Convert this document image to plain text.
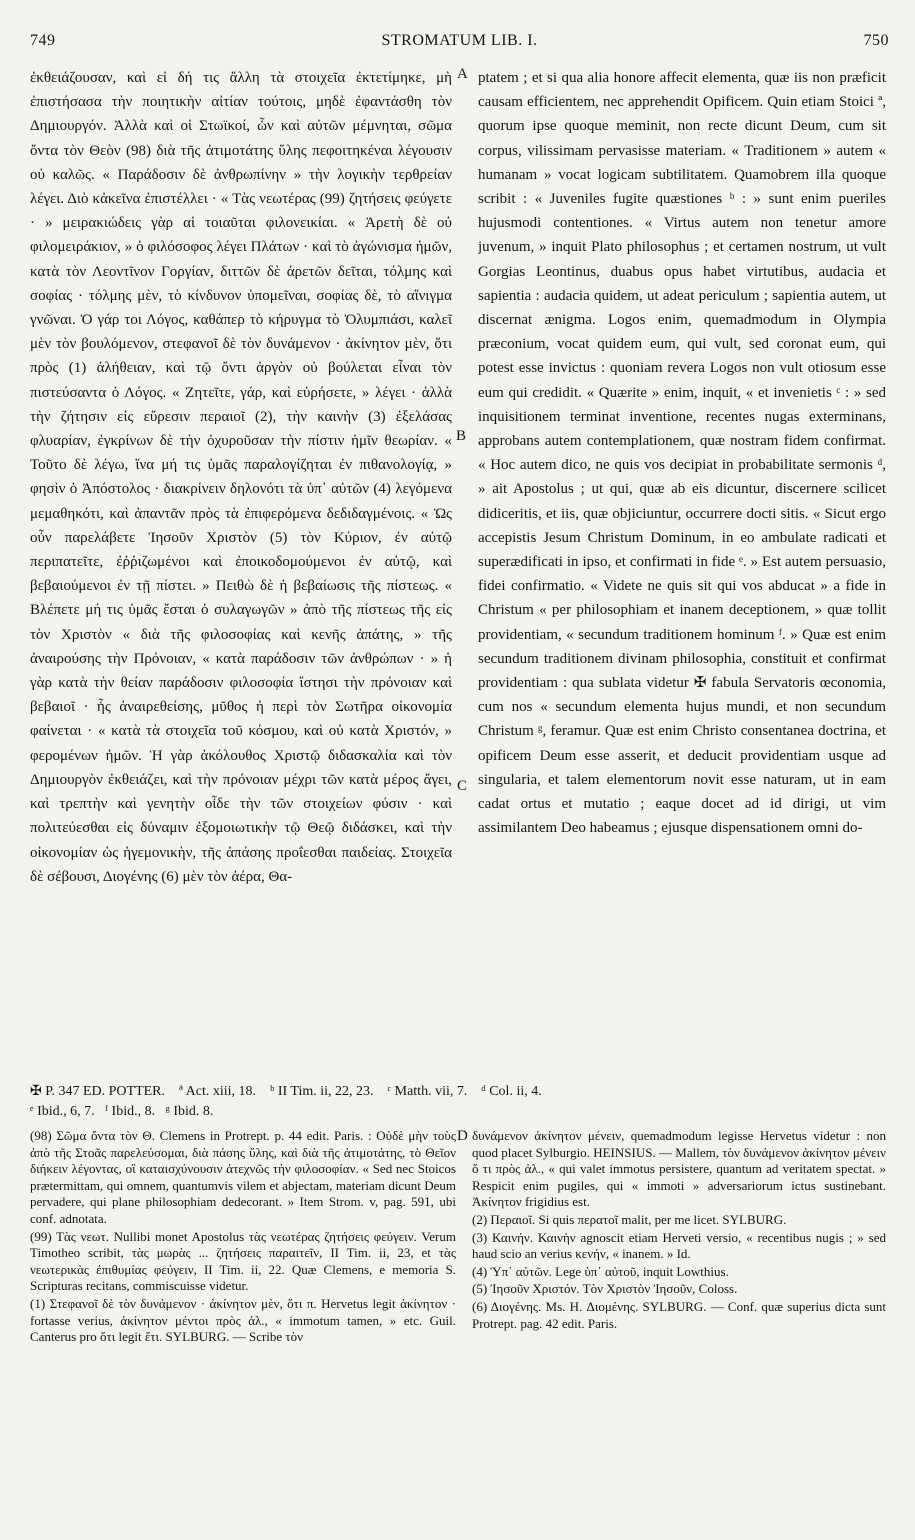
749	STROMATUM LIB. I.	750

ἐκθειάζουσαν, καὶ εἰ δή τις ἄλλη τὰ στοιχεῖα ἐκτετίμηκε, μὴ ἐπιστήσασα τὴν ποιητικὴν αἰτίαν τούτοις, μηδὲ ἐφαντάσθη τὸν Δημιουργόν. Ἀλλὰ καὶ οἱ Στωϊκοί, ὧν καὶ αὐτῶν μέμνηται, σῶμα ὄντα τὸν Θεὸν (98) διὰ τῆς ἀτιμοτάτης ὕλης πεφοιτηκέναι λέγουσιν οὐ καλῶς. « Παράδοσιν δὲ ἀνθρωπίνην » τὴν λογικὴν τερθρείαν λέγει. Διὸ κἀκεῖνα ἐπιστέλλει · « Τὰς νεωτέρας (99) ζητήσεις φεύγετε · » μειρακιώδεις γὰρ αἱ τοιαῦται φιλονεικίαι. « Ἀρετὴ δὲ οὐ φιλομειράκιον, » ὁ φιλόσοφος λέγει Πλάτων · καὶ τὸ ἀγώνισμα ἡμῶν, κατὰ τὸν Λεοντῖνον Γοργίαν, διττῶν δὲ ἀρετῶν δεῖται, τόλμης καὶ σοφίας · τόλμης μὲν, τὸ κίνδυνον ὑπομεῖναι, σοφίας δὲ, τὸ αἴνιγμα γνῶναι. Ὁ γάρ τοι Λόγος, καθάπερ τὸ κήρυγμα τὸ Ὀλυμπιάσι, καλεῖ μὲν τὸν βουλόμενον, στεφανοῖ δὲ τὸν δυνάμενον · ἀκίνητον μὲν, ὅτι πρὸς (1) ἀλήθειαν, καὶ τῷ ὄντι ἀργὸν οὐ βούλεται εἶναι τὸν πιστεύσαντα ὁ Λόγος. « Ζητεῖτε, γάρ, καὶ εὑρήσετε, » λέγει · ἀλλὰ τὴν ζήτησιν εἰς εὕρεσιν περαιοῖ (2), τὴν καινὴν (3) ἐξελάσας φλυαρίαν, ἐγκρίνων δὲ τὴν ὀχυροῦσαν τὴν πίστιν ἡμῖν θεωρίαν. « Τοῦτο δὲ λέγω, ἵνα μή τις ὑμᾶς παραλογίζηται ἐν πιθανολογίᾳ, » φησὶν ὁ Ἀπόστολος · διακρίνειν δηλονότι τὰ ὑπ᾽ αὐτῶν (4) λεγόμενα μεμαθηκότι, καὶ ἀπαντᾶν πρὸς τὰ ἐπιφερόμενα δεδιδαγμένοις. « Ὡς οὖν παρελάβετε Ἰησοῦν Χριστὸν (5) τὸν Κύριον, ἐν αὐτῷ περιπατεῖτε, ἐῤῥιζωμένοι καὶ ἐποικοδομούμενοι ἐν αὐτῷ, καὶ βεβαιούμενοι ἐν τῇ πίστει. » Πειθὼ δὲ ἡ βεβαίωσις τῆς πίστεως. « Βλέπετε μή τις ὑμᾶς ἔσται ὁ συλαγωγῶν » ἀπὸ τῆς πίστεως τῆς εἰς τὸν Χριστὸν « διὰ τῆς φιλοσοφίας καὶ κενῆς ἀπάτης, » τῆς ἀναιρούσης τὴν Πρόνοιαν, « κατὰ παράδοσιν τῶν ἀνθρώπων · » ἡ γὰρ κατὰ τὴν θείαν παράδοσιν φιλοσοφία ἵστησι τὴν πρόνοιαν καὶ βεβαιοῖ · ἧς ἀναιρεθείσης, μῦθος ἡ περὶ τὸν Σωτῆρα οἰκονομία φαίνεται · « κατὰ τὰ στοιχεῖα τοῦ κόσμου, καὶ οὐ κατὰ Χριστόν, » φερομένων ἡμῶν. Ἡ γὰρ ἀκόλουθος Χριστῷ διδασκαλία καὶ τὸν Δημιουργὸν ἐκθειάζει, καὶ τὴν πρόνοιαν μέχρι τῶν κατὰ μέρος ἄγει, καὶ τρεπτὴν καὶ γενητὴν οἶδε τὴν τῶν στοιχείων φύσιν · καὶ πολιτεύεσθαι εἰς δύναμιν ἐξομοιωτικὴν τῷ Θεῷ διδάσκει, καὶ τὴν οἰκονομίαν ὡς ἡγεμονικὴν, τῆς ἁπάσης προΐεσθαι παιδείας. Στοιχεῖα δὲ σέβουσι, Διογένης (6) μὲν τὸν ἀέρα, Θα-

A
B
C
D

ptatem ; et si qua alia honore affecit elementa, quæ iis non præficit causam efficientem, nec apprehendit Opificem. Quin etiam Stoici ª, quorum ipse quoque meminit, non recte dicunt Deum, cum sit corpus, vilissimam pervasisse materiam. « Traditionem » autem « humanam » vocat logicam subtilitatem. Quamobrem illa quoque scribit : « Juveniles fugite quæstiones ᵇ : » sunt enim pueriles hujusmodi contentiones. « Virtus autem non tenetur amore juvenum, » inquit Plato philosophus ; et certamen nostrum, ut vult Gorgias Leontinus, duabus opus habet virtutibus, audacia et sapientia : audacia quidem, ut adeat periculum ; sapientia autem, ut discernat ænigma. Logos enim, quemadmodum in Olympia præconium, vocat quidem eum, qui vult, sed coronat eum, qui potest esse invictus : quoniam revera Logos non vult otiosum esse eum qui credidit. « Quærite » enim, inquit, « et invenietis ᶜ : » sed inquisitionem terminat inventione, recentes nugas exterminans, approbans autem contemplationem, quæ nostram fidem confirmat. « Hoc autem dico, ne quis vos decipiat in probabilitate sermonis ᵈ, » ait Apostolus ; ut qui, quæ ab eis dicuntur, discernere scilicet didiceritis, et iis, quæ objiciuntur, occurrere docti sitis. « Sicut ergo accepistis Jesum Christum Dominum, in eo ambulate radicati et superædificati in ipso, et confirmati in fide ᵉ. » Est autem persuasio, fidei confirmatio. « Videte ne quis sit qui vos abducat » a fide in Christum « per philosophiam et inanem deceptionem, » quæ tollit providentiam, « secundum traditionem hominum ᶠ. » Quæ est enim secundum traditionem divinam philosophia, constituit et confirmat providentiam : qua sublata videtur ✠ fabula Servatoris œconomia, cum nos « secundum elementa hujus mundi, et non secundum Christum ᵍ, feramur. Quæ est enim Christo consentanea doctrina, et opificem Deum esse asserit, et deducit providentiam usque ad singularia, et talem elementorum novit esse naturam, ut in eam cadat ortus et mutatio ; eaque docet ad id dirigi, ut vim assimilantem Deo habeamus ; ejusque dispensationem omni do-

✠ P. 347 ED. POTTER. ª Act. xiii, 18. ᵇ II Tim. ii, 22, 23. ᶜ Matth. vii, 7. ᵈ Col. ii, 4.
ᵉ Ibid., 6, 7. ᶠ Ibid., 8. ᵍ Ibid. 8.

(98) Σῶμα ὄντα τὸν Θ. Clemens in Protrept. p. 44 edit. Paris. : Οὐδὲ μὴν τοὺς ἀπὸ τῆς Στοᾶς παρελεύσομαι, διὰ πάσης ὕλης, καὶ διὰ τῆς ἀτιμοτάτης, τὸ Θεῖον διήκειν λέγοντας, οἳ καταισχύνουσιν ἀτεχνῶς τὴν φιλοσοφίαν. « Sed nec Stoicos prætermittam, qui omnem, quantumvis vilem et abjectam, materiam dicunt Deum pervadere, qui plane philosophiam dedecorant. » Item Strom. v, pag. 591, ubi conf. adnotata.

(99) Τὰς νεωτ. Nullibi monet Apostolus τὰς νεωτέρας ζητήσεις φεύγειν. Verum Timotheo scribit, τὰς μωρὰς ... ζητήσεις παραιτεῖν, II Tim. ii, 23, et τὰς νεωτερικὰς ἐπιθυμίας φεύγειν, II Tim. ii, 22. Quæ Clemens, e memoria S. Scripturas recitans, commiscuisse videtur.

(1) Στεφανοῖ δὲ τὸν δυνάμενον · ἀκίνητον μὲν, ὅτι π. Hervetus legit ἀκίνητον · fortasse verius, ἀκίνητον μέντοι πρὸς ἀλ., « immotum tamen, » etc. Guil. Canterus pro ὅτι legit ἔτι. SYLBURG. — Scribe τὸν

δυνάμενον ἀκίνητον μένειν, quemadmodum legisse Hervetus videtur : non quod placet Sylburgio. HEINSIUS. — Mallem, τὸν δυνάμενον ἀκίνητον μένειν ὅ τι πρὸς ἀλ., « qui valet immotus persistere, quantum ad veritatem spectat. » Respicit enim pugiles, qui « immoti » adversariorum ictus sustinebant. Ἀκίνητον frigidius est.

(2) Περαιοῖ. Si quis περατοῖ malit, per me licet. SYLBURG.

(3) Καινήν. Καινὴν agnoscit etiam Herveti versio, « recentibus nugis ; » sed haud scio an verius κενήν, « inanem. » Id.

(4) Ὑπ᾽ αὐτῶν. Lege ὑπ᾽ αὐτοῦ, inquit Lowthius.

(5) Ἰησοῦν Χριστόν. Τὸν Χριστὸν Ἰησοῦν, Coloss.

(6) Διογένης. Ms. H. Διομένης. SYLBURG. — Conf. quæ superius dicta sunt Protrept. pag. 42 edit. Paris.
